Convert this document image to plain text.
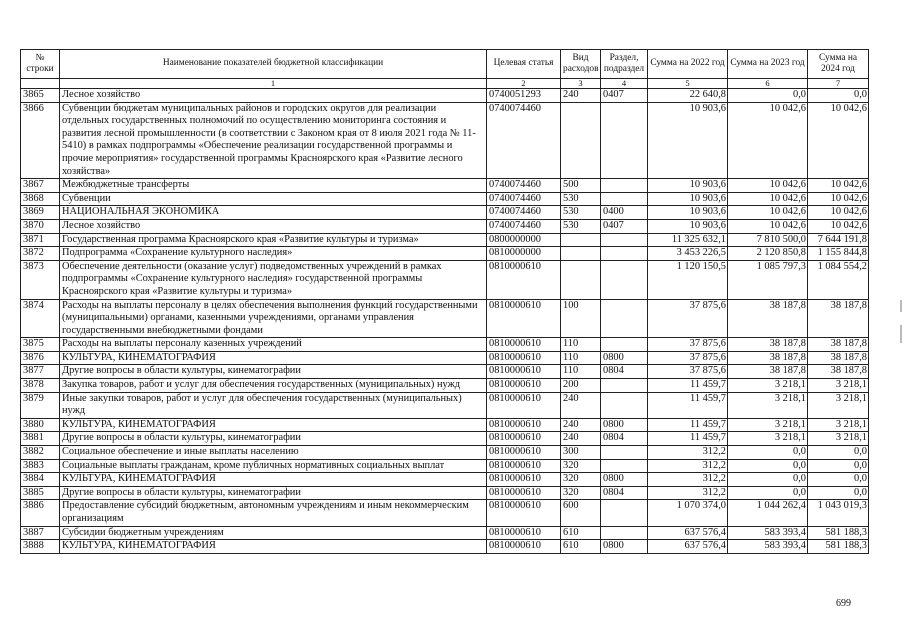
№
строки	Наименование показателей бюджетной классификации	Целевая статья	Вид расходов	Раздел, подраздел	Сумма на 2022 год	Сумма на 2023 год	Сумма на 2024 год
	1	2	3	4	5	6	7
3865	Лесное хозяйство	0740051293	240	0407	22 640,8	0,0	0,0
3866	Субвенции бюджетам муниципальных районов и городских округов для реализации отдельных государственных полномочий по осуществлению мониторинга состояния и развития лесной промышленности (в соответствии с Законом края от 8 июля 2021 года № 11-5410) в рамках подпрограммы «Обеспечение реализации государственной программы и прочие мероприятия» государственной программы Красноярского края «Развитие лесного хозяйства»	0740074460			10 903,6	10 042,6	10 042,6
3867	Межбюджетные трансферты	0740074460	500		10 903,6	10 042,6	10 042,6
3868	Субвенции	0740074460	530		10 903,6	10 042,6	10 042,6
3869	НАЦИОНАЛЬНАЯ ЭКОНОМИКА	0740074460	530	0400	10 903,6	10 042,6	10 042,6
3870	Лесное хозяйство	0740074460	530	0407	10 903,6	10 042,6	10 042,6
3871	Государственная программа Красноярского края «Развитие культуры и туризма»	0800000000			11 325 632,1	7 810 500,0	7 644 191,8
3872	Подпрограмма «Сохранение культурного наследия»	0810000000			3 453 226,5	2 120 850,8	1 155 844,8
3873	Обеспечение деятельности (оказание услуг) подведомственных учреждений в рамках подпрограммы «Сохранение культурного наследия» государственной программы Красноярского края «Развитие культуры и туризма»	0810000610			1 120 150,5	1 085 797,3	1 084 554,2
3874	Расходы на выплаты персоналу в целях обеспечения выполнения функций государственными (муниципальными) органами, казенными учреждениями, органами управления государственными внебюджетными фондами	0810000610	100		37 875,6	38 187,8	38 187,8
3875	Расходы на выплаты персоналу казенных учреждений	0810000610	110		37 875,6	38 187,8	38 187,8
3876	КУЛЬТУРА, КИНЕМАТОГРАФИЯ	0810000610	110	0800	37 875,6	38 187,8	38 187,8
3877	Другие вопросы в области культуры, кинематографии	0810000610	110	0804	37 875,6	38 187,8	38 187,8
3878	Закупка товаров, работ и услуг для обеспечения государственных (муниципальных) нужд	0810000610	200		11 459,7	3 218,1	3 218,1
3879	Иные закупки товаров, работ и услуг для обеспечения государственных (муниципальных) нужд	0810000610	240		11 459,7	3 218,1	3 218,1
3880	КУЛЬТУРА, КИНЕМАТОГРАФИЯ	0810000610	240	0800	11 459,7	3 218,1	3 218,1
3881	Другие вопросы в области культуры, кинематографии	0810000610	240	0804	11 459,7	3 218,1	3 218,1
3882	Социальное обеспечение и иные выплаты населению	0810000610	300		312,2	0,0	0,0
3883	Социальные выплаты гражданам, кроме публичных нормативных социальных выплат	0810000610	320		312,2	0,0	0,0
3884	КУЛЬТУРА, КИНЕМАТОГРАФИЯ	0810000610	320	0800	312,2	0,0	0,0
3885	Другие вопросы в области культуры, кинематографии	0810000610	320	0804	312,2	0,0	0,0
3886	Предоставление субсидий бюджетным, автономным учреждениям и иным некоммерческим организациям	0810000610	600		1 070 374,0	1 044 262,4	1 043 019,3
3887	Субсидии бюджетным учреждениям	0810000610	610		637 576,4	583 393,4	581 188,3
3888	КУЛЬТУРА, КИНЕМАТОГРАФИЯ	0810000610	610	0800	637 576,4	583 393,4	581 188,3
699
